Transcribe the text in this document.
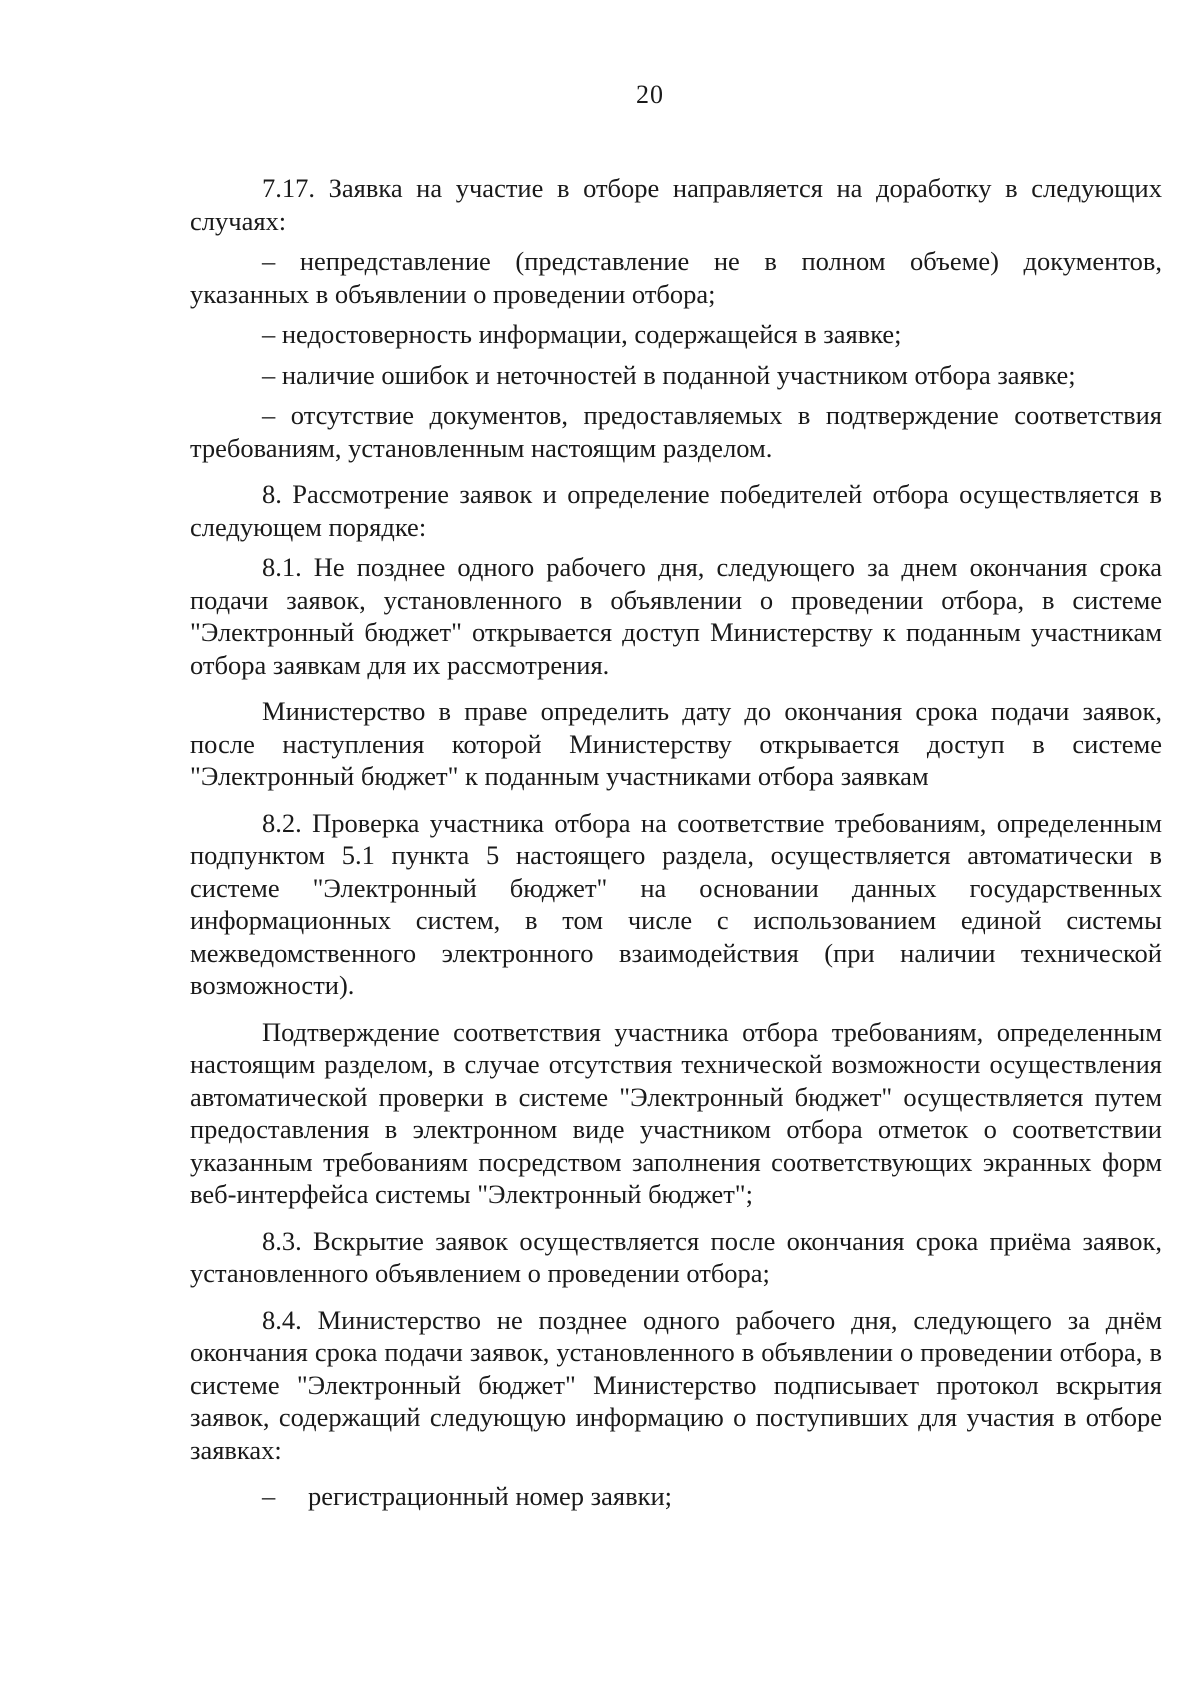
20

7.17. Заявка на участие в отборе направляется на доработку в следующих случаях:

– непредставление (представление не в полном объеме) документов, указанных в объявлении о проведении отбора;

– недостоверность информации, содержащейся в заявке;

– наличие ошибок и неточностей в поданной участником отбора заявке;

– отсутствие документов, предоставляемых в подтверждение соответствия требованиям, установленным настоящим разделом.

8. Рассмотрение заявок и определение победителей отбора осуществляется в следующем порядке:

8.1. Не позднее одного рабочего дня, следующего за днем окончания срока подачи заявок, установленного в объявлении о проведении отбора, в системе "Электронный бюджет" открывается доступ Министерству к поданным участникам отбора заявкам для их рассмотрения.

Министерство в праве определить дату до окончания срока подачи заявок, после наступления которой Министерству открывается доступ в системе "Электронный бюджет" к поданным участниками отбора заявкам

8.2. Проверка участника отбора на соответствие требованиям, определенным подпунктом 5.1 пункта 5 настоящего раздела, осуществляется автоматически в системе "Электронный бюджет" на основании данных государственных информационных систем, в том числе с использованием единой системы межведомственного электронного взаимодействия (при наличии технической возможности).

Подтверждение соответствия участника отбора требованиям, определенным настоящим разделом, в случае отсутствия технической возможности осуществления автоматической проверки в системе "Электронный бюджет" осуществляется путем предоставления в электронном виде участником отбора отметок о соответствии указанным требованиям посредством заполнения соответствующих экранных форм веб-интерфейса системы "Электронный бюджет";

8.3. Вскрытие заявок осуществляется после окончания срока приёма заявок, установленного объявлением о проведении отбора;

8.4. Министерство не позднее одного рабочего дня, следующего за днём окончания срока подачи заявок, установленного в объявлении о проведении отбора, в системе "Электронный бюджет" Министерство подписывает протокол вскрытия заявок, содержащий следующую информацию о поступивших для участия в отборе заявках:

– регистрационный номер заявки;
